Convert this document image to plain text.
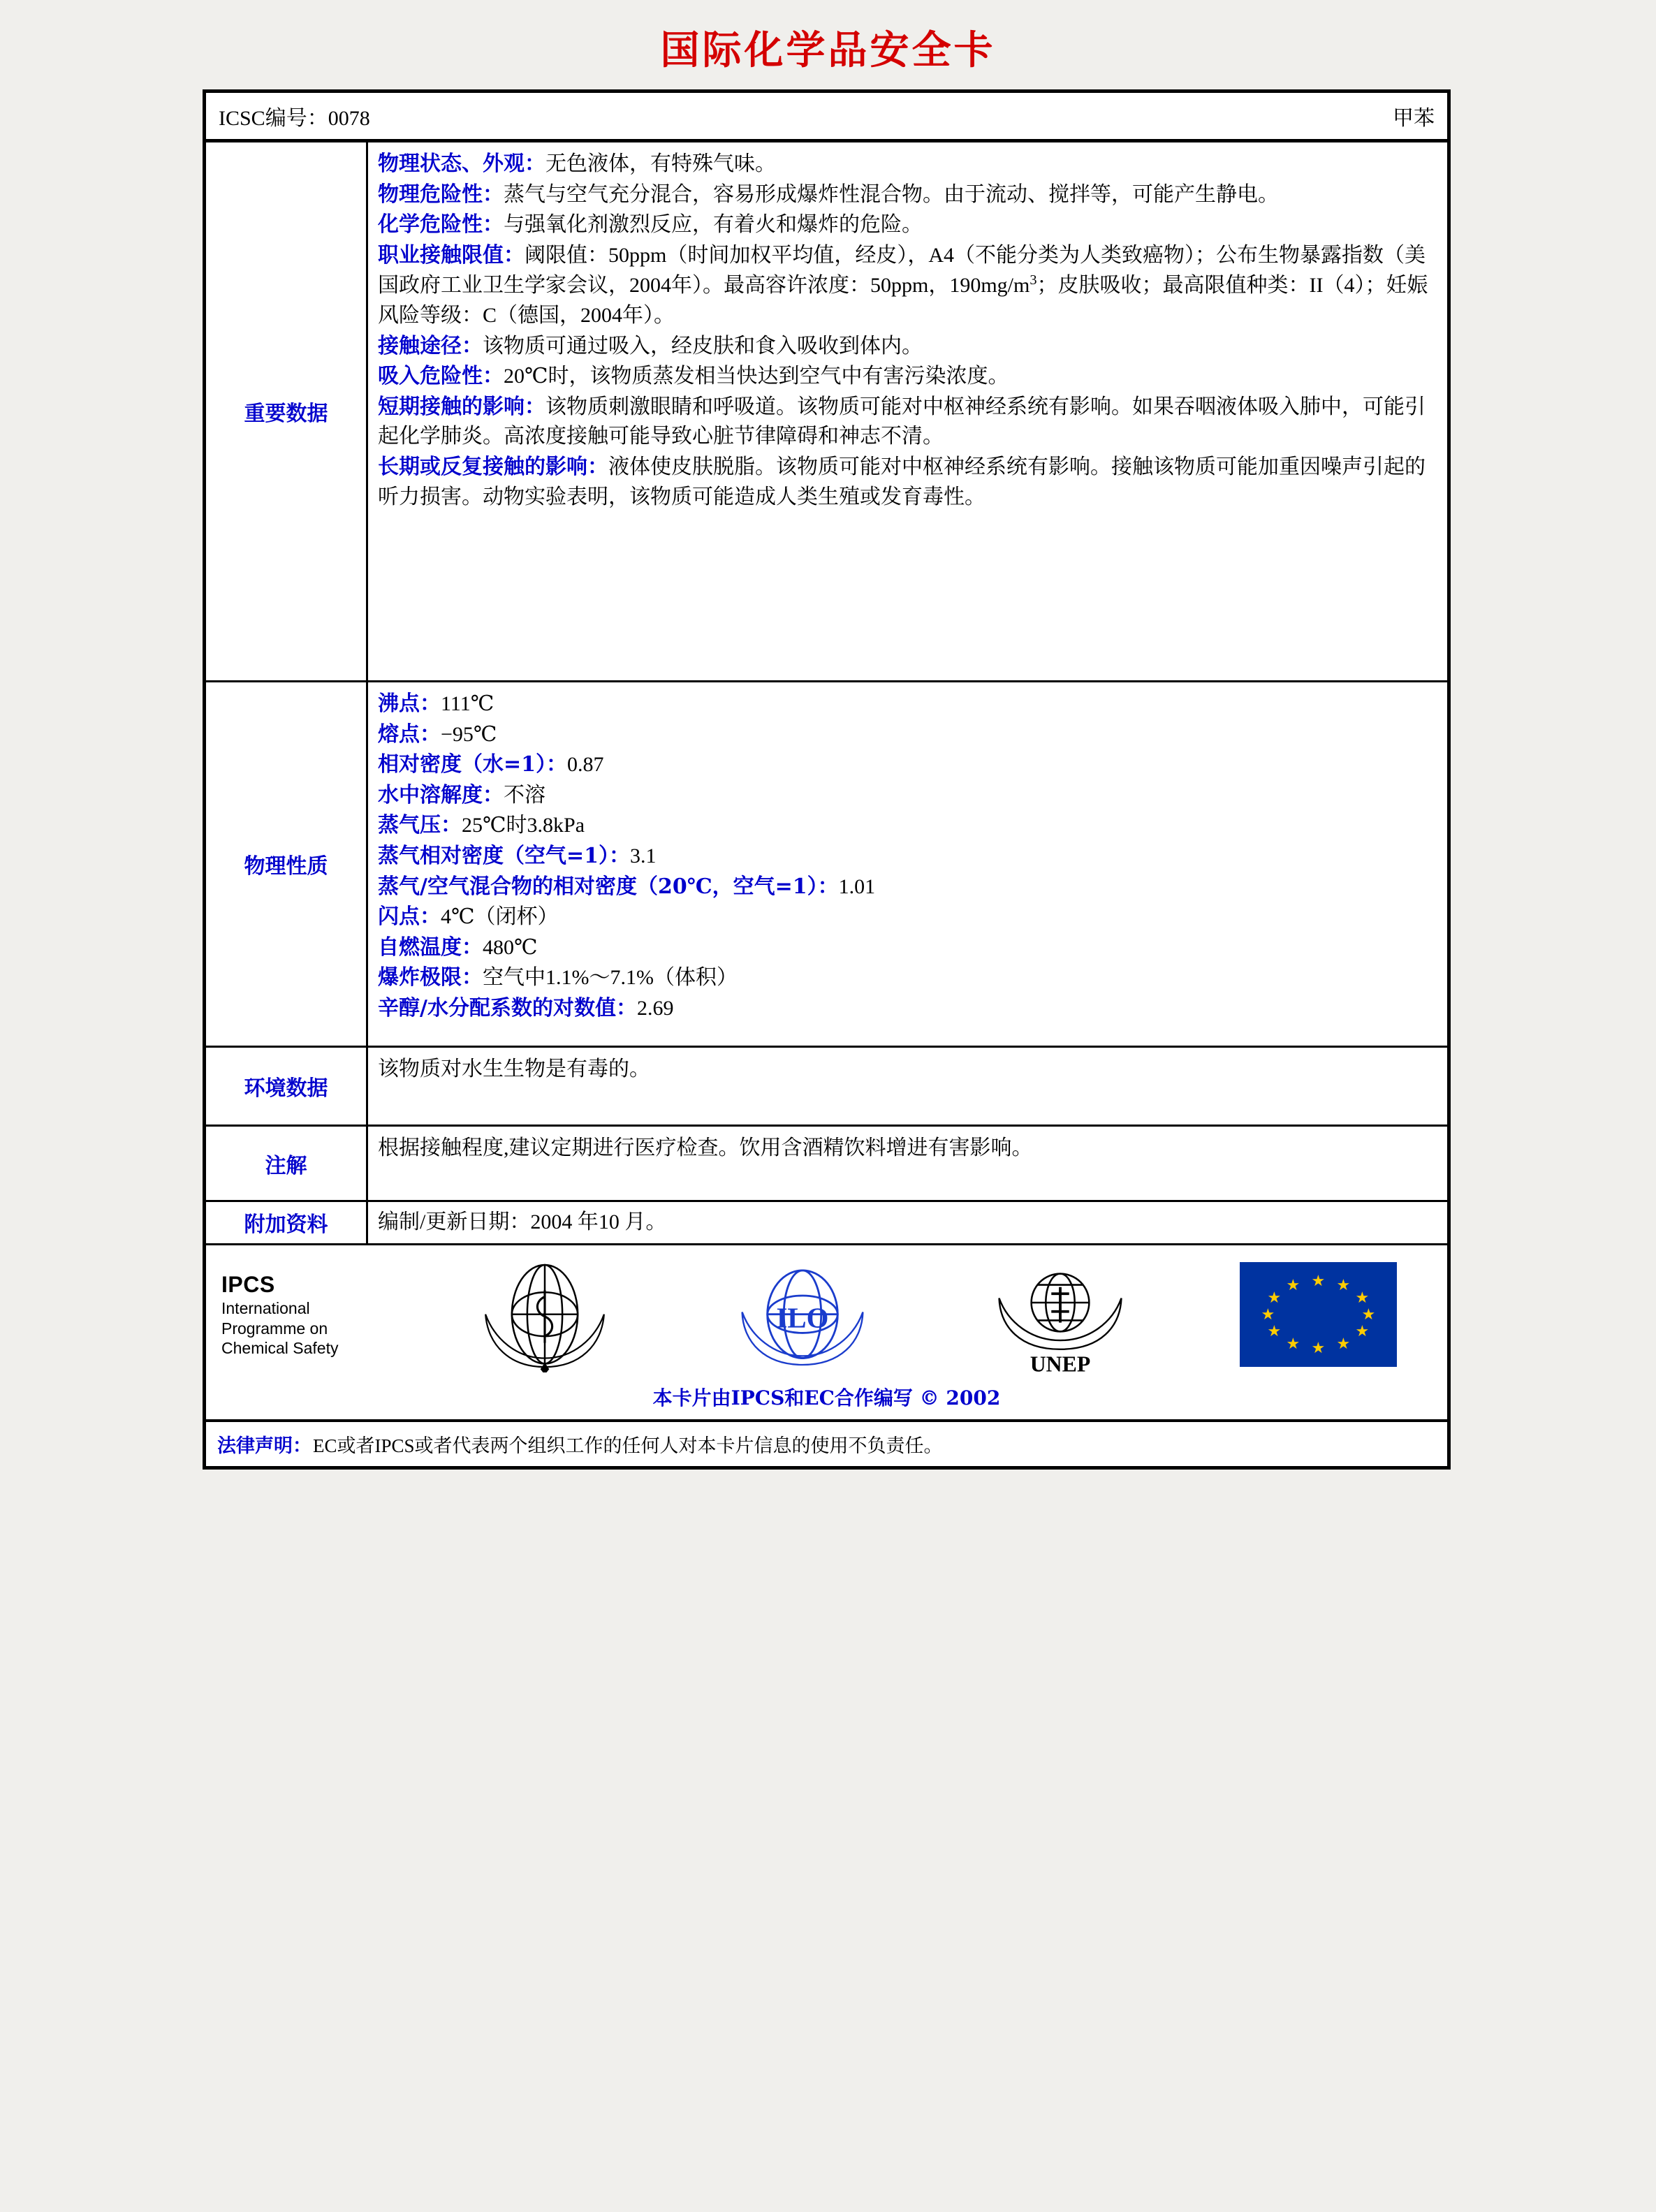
国际化学品安全卡
ICSC编号：0078	甲苯
重要数据

物理状态、外观：无色液体，有特殊气味。

物理危险性：蒸气与空气充分混合，容易形成爆炸性混合物。由于流动、搅拌等，可能产生静电。

化学危险性：与强氧化剂激烈反应，有着火和爆炸的危险。

职业接触限值：阈限值：50ppm（时间加权平均值，经皮），A4（不能分类为人类致癌物）；公布生物暴露指数（美国政府工业卫生学家会议，2004年）。最高容许浓度：50ppm，$190mg/m^3$；皮肤吸收；最高限值种类：II（4）；妊娠风险等级：C（德国，2004年）。

接触途径：该物质可通过吸入，经皮肤和食入吸收到体内。

吸入危险性：20℃时，该物质蒸发相当快达到空气中有害污染浓度。

短期接触的影响：该物质刺激眼睛和呼吸道。该物质可能对中枢神经系统有影响。如果吞咽液体吸入肺中，可能引起化学肺炎。高浓度接触可能导致心脏节律障碍和神志不清。

长期或反复接触的影响：液体使皮肤脱脂。该物质可能对中枢神经系统有影响。接触该物质可能加重因噪声引起的听力损害。动物实验表明，该物质可能造成人类生殖或发育毒性。

物理性质

沸点：111℃

熔点：−95℃

相对密度（水=1）：0.87

水中溶解度：不溶

蒸气压：25℃时3.8kPa

蒸气相对密度（空气=1）：3.1

蒸气/空气混合物的相对密度（20℃，空气=1）：1.01

闪点：4℃（闭杯）

自燃温度：480℃

爆炸极限：空气中1.1%～7.1%（体积）

辛醇/水分配系数的对数值：2.69

环境数据
该物质对水生生物是有毒的。
注解
根据接触程度,建议定期进行医疗检查。饮用含酒精饮料增进有害影响。
附加资料	编制/更新日期：2004 年10 月。
IPCS
International
Programme on
Chemical Safety
ILO
UNEP
★ ★
★
★
★
★
★
★
★
★
★
★
本卡片由IPCS和EC合作编写 © 2002
法律声明：EC或者IPCS或者代表两个组织工作的任何人对本卡片信息的使用不负责任。
